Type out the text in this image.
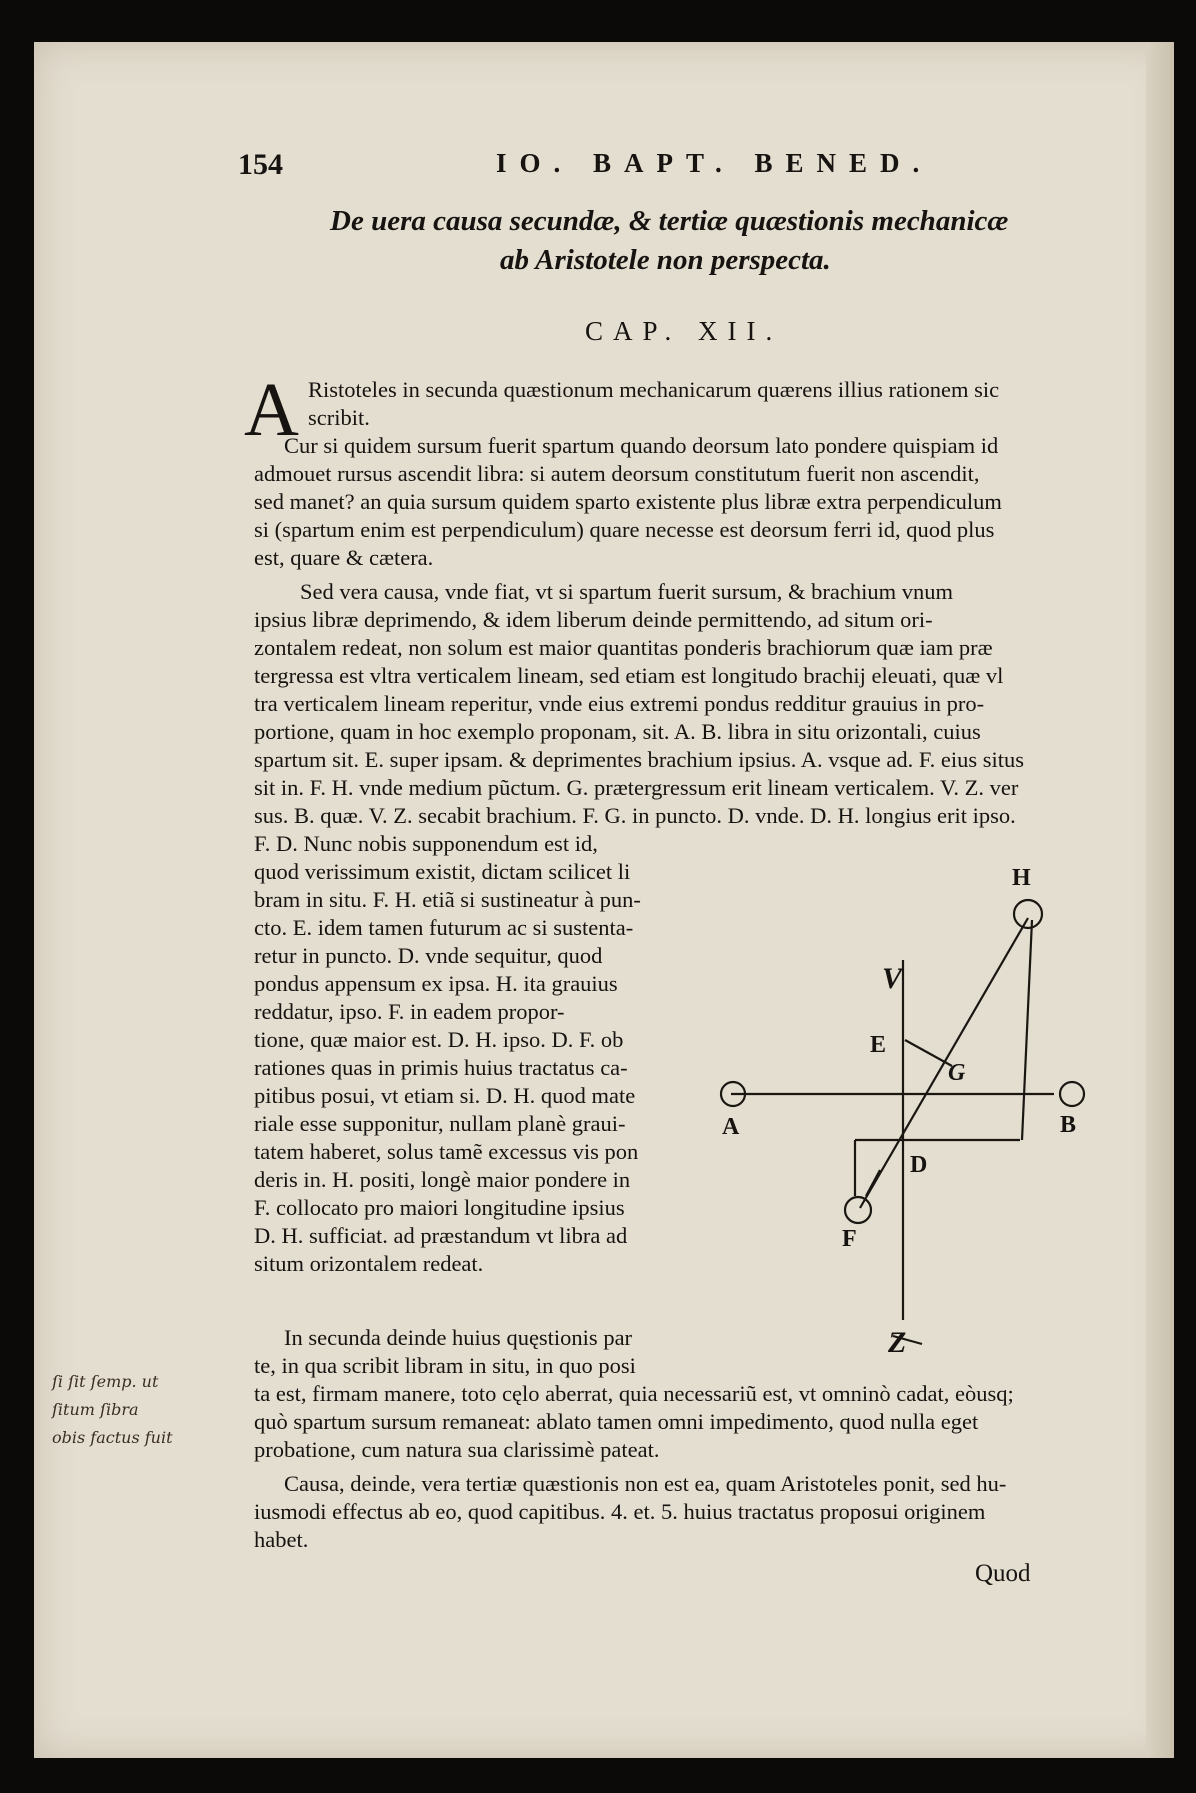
154	IO. BAPT. BENED.
De uera causa secundæ, & tertiæ quæstionis mechanicæ
ab Aristotele non perspecta.
CAP. XII.
A Ristoteles in secunda quæstionum mechanicarum quærens illius rationem sic
scribit.
Cur si quidem sursum fuerit spartum quando deorsum lato pondere quispiam id
admouet rursus ascendit libra: si autem deorsum constitutum fuerit non ascendit,
sed manet? an quia sursum quidem sparto existente plus libræ extra perpendiculum
si (spartum enim est perpendiculum) quare necesse est deorsum ferri id, quod plus
est, quare & cætera.
Sed vera causa, vnde fiat, vt si spartum fuerit sursum, & brachium vnum
ipsius libræ deprimendo, & idem liberum deinde permittendo, ad situm ori-
zontalem redeat, non solum est maior quantitas ponderis brachiorum quæ iam præ
tergressa est vltra verticalem lineam, sed etiam est longitudo brachij eleuati, quæ vl
tra verticalem lineam reperitur, vnde eius extremi pondus redditur grauius in pro-
portione, quam in hoc exemplo proponam, sit. A. B. libra in situ orizontali, cuius
spartum sit. E. super ipsam. & deprimentes brachium ipsius. A. vsque ad. F. eius situs
sit in. F. H. vnde medium pũctum. G. prætergressum erit lineam verticalem. V. Z. ver
sus. B. quæ. V. Z. secabit brachium. F. G. in puncto. D. vnde. D. H. longius erit ipso.
F. D. Nunc nobis supponendum est id,
quod verissimum existit, dictam scilicet li
bram in situ. F. H. etiã si sustineatur à pun-
cto. E. idem tamen futurum ac si sustenta-
retur in puncto. D. vnde sequitur, quod
pondus appensum ex ipsa. H. ita grauius
reddatur, ipso. F. in eadem propor-
tione, quæ maior est. D. H. ipso. D. F. ob
rationes quas in primis huius tractatus ca-
pitibus posui, vt etiam si. D. H. quod mate
riale esse supponitur, nullam planè graui-
tatem haberet, solus tamẽ excessus vis pon
deris in. H. positi, longè maior pondere in
F. collocato pro maiori longitudine ipsius
D. H. sufficiat. ad præstandum vt libra ad
situm orizontalem redeat.
In secunda deinde huius quęstionis par
te, in qua scribit libram in situ, in quo posi
ta est, firmam manere, toto cęlo aberrat, quia necessariũ est, vt omninò cadat, eòusq;
quò spartum sursum remaneat: ablato tamen omni impedimento, quod nulla eget
probatione, cum natura sua clarissimè pateat.
Causa, deinde, vera tertiæ quæstionis non est ea, quam Aristoteles ponit, sed hu-
iusmodi effectus ab eo, quod capitibus. 4. et. 5. huius tractatus proposui originem
habet.
Quod
ſi ſit ſemp. ut
ſitum ſibra
obis factus fuit
H
V
E
G
A	B
D
F
Z
